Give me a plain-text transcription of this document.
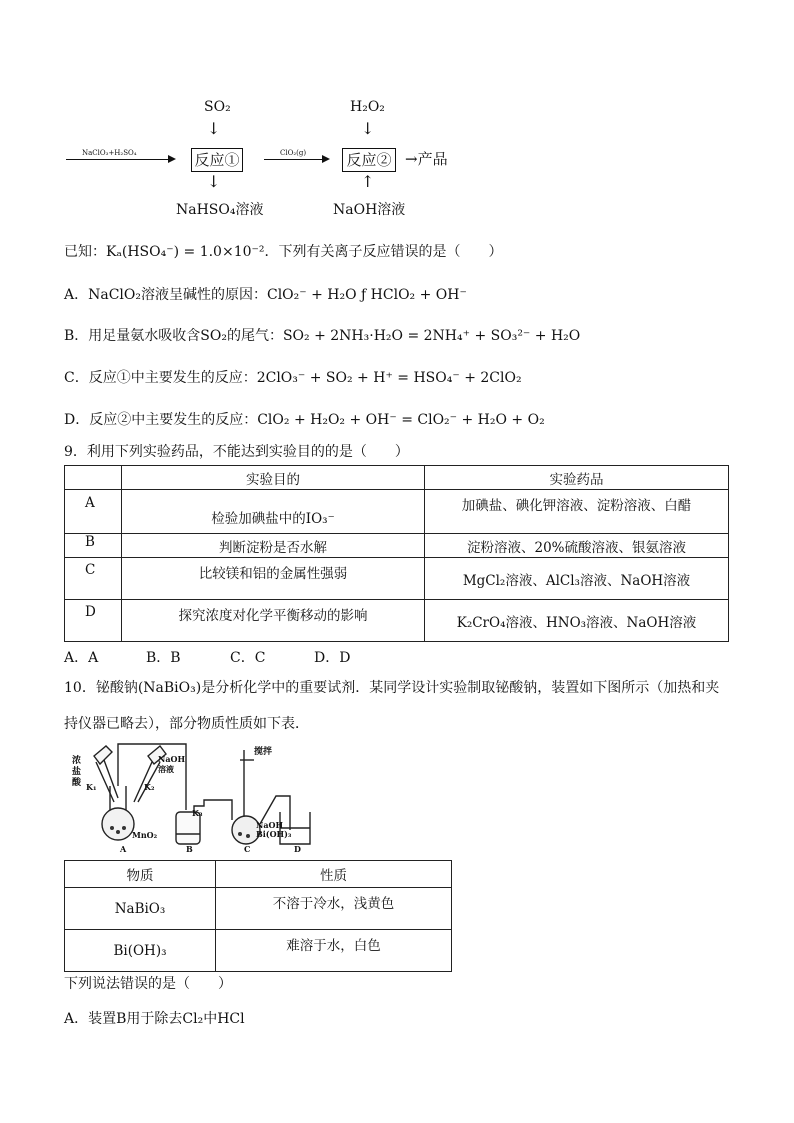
SO₂	H₂O₂
↓	↓
NaClO₃+H₂SO₄	反应①	ClO₂(g)	反应② →产品
↓	↑
NaHSO₄溶液	NaOH溶液
已知：Kₐ(HSO₄⁻) = 1.0×10⁻²．下列有关离子反应错误的是（　　）
A．NaClO₂溶液呈碱性的原因：ClO₂⁻ + H₂O ƒ HClO₂ + OH⁻
B．用足量氨水吸收含SO₂的尾气：SO₂ + 2NH₃·H₂O = 2NH₄⁺ + SO₃²⁻ + H₂O
C．反应①中主要发生的反应：2ClO₃⁻ + SO₂ + H⁺ = HSO₄⁻ + 2ClO₂
D．反应②中主要发生的反应：ClO₂ + H₂O₂ + OH⁻ = ClO₂⁻ + H₂O + O₂
9．利用下列实验药品，不能达到实验目的的是（　　）
	实验目的	实验药品
A	检验加碘盐中的IO₃⁻	加碘盐、碘化钾溶液、淀粉溶液、白醋
B	判断淀粉是否水解	淀粉溶液、20%硫酸溶液、银氨溶液
C	比较镁和铝的金属性强弱	MgCl₂溶液、AlCl₃溶液、NaOH溶液
D	探究浓度对化学平衡移动的影响	K₂CrO₄溶液、HNO₃溶液、NaOH溶液
A．A	B．B	C．C	D．D
10．铋酸钠(NaBiO₃)是分析化学中的重要试剂．某同学设计实验制取铋酸钠，装置如下图所示（加热和夹
持仪器已略去），部分物质性质如下表．
浓
盐
酸 K₁	K₂
NaOH
溶液
K₃
搅拌
MnO₂
NaOH
Bi(OH)₃
A	B	C	D
物质	性质
NaBiO₃	不溶于冷水，浅黄色
Bi(OH)₃	难溶于水，白色
下列说法错误的是（　　）
A．装置B用于除去Cl₂中HCl
